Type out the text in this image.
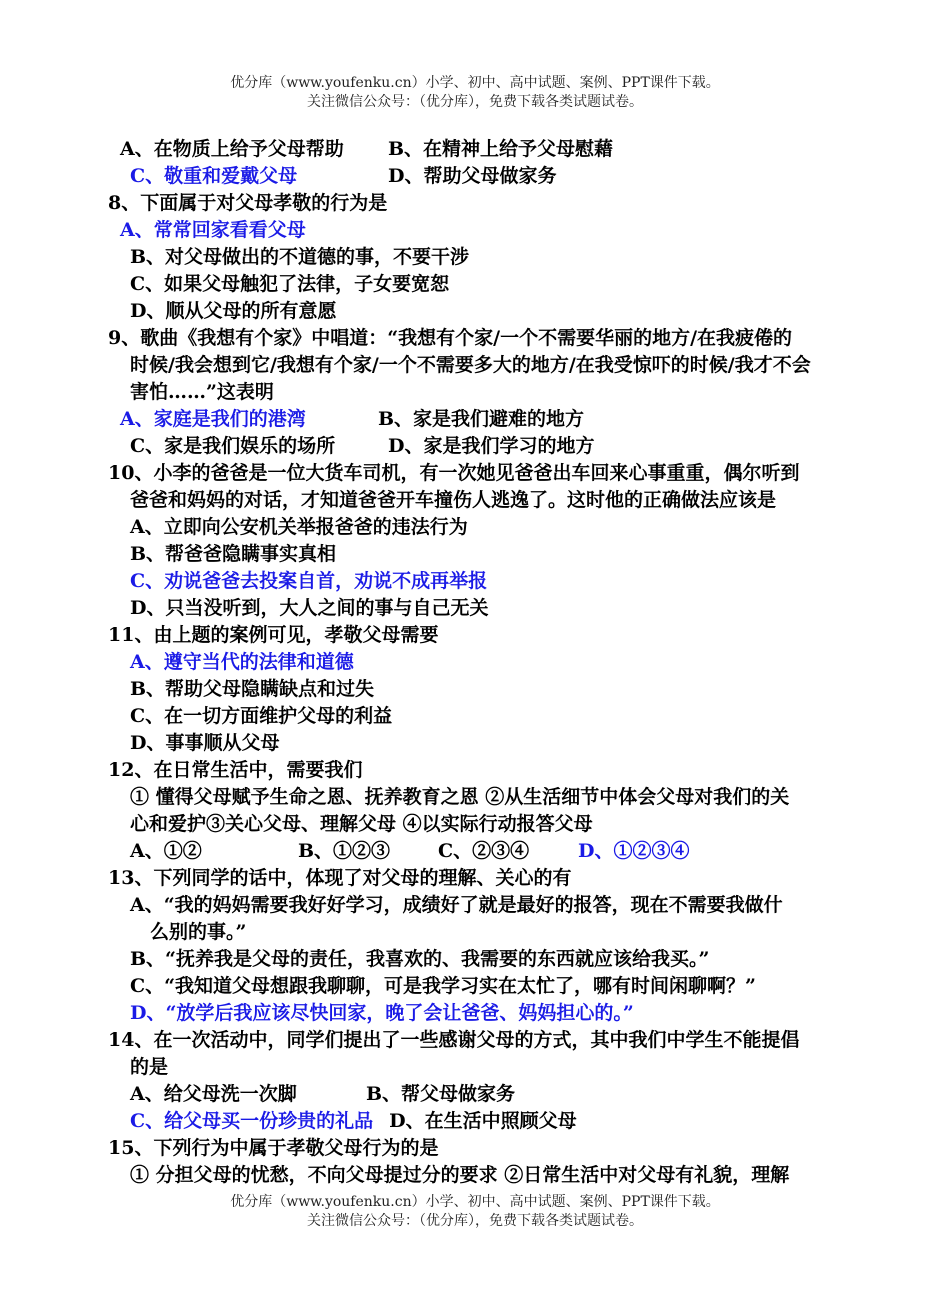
优分库（www.youfenku.cn）小学、初中、高中试题、案例、PPT课件下载。
关注微信公众号：（优分库），免费下载各类试题试卷。
A、在物质上给予父母帮助 B、在精神上给予父母慰藉
C、敬重和爱戴父母	D、帮助父母做家务
8、下面属于对父母孝敬的行为是
A、常常回家看看父母
B、对父母做出的不道德的事，不要干涉
C、如果父母触犯了法律，子女要宽恕
D、顺从父母的所有意愿
9、歌曲《我想有个家》中唱道：“我想有个家/一个不需要华丽的地方/在我疲倦的
时候/我会想到它/我想有个家/一个不需要多大的地方/在我受惊吓的时候/我才不会
害怕……”这表明
A、家庭是我们的港湾	B、家是我们避难的地方
C、家是我们娱乐的场所	D、家是我们学习的地方
10、小李的爸爸是一位大货车司机，有一次她见爸爸出车回来心事重重，偶尔听到
爸爸和妈妈的对话，才知道爸爸开车撞伤人逃逸了。这时他的正确做法应该是
A、立即向公安机关举报爸爸的违法行为
B、帮爸爸隐瞒事实真相
C、劝说爸爸去投案自首，劝说不成再举报
D、只当没听到，大人之间的事与自己无关
11、由上题的案例可见，孝敬父母需要
A、遵守当代的法律和道德
B、帮助父母隐瞒缺点和过失
C、在一切方面维护父母的利益
D、事事顺从父母
12、在日常生活中，需要我们
① 懂得父母赋予生命之恩、抚养教育之恩 ②从生活细节中体会父母对我们的关
心和爱护③关心父母、理解父母 ④以实际行动报答父母
A、①②	B、①②③	C、②③④	D、①②③④
13、下列同学的话中，体现了对父母的理解、关心的有
A、“我的妈妈需要我好好学习，成绩好了就是最好的报答，现在不需要我做什
么别的事。”
B、“抚养我是父母的责任，我喜欢的、我需要的东西就应该给我买。”
C、“我知道父母想跟我聊聊，可是我学习实在太忙了，哪有时间闲聊啊？”
D、“放学后我应该尽快回家，晚了会让爸爸、妈妈担心的。”
14、在一次活动中，同学们提出了一些感谢父母的方式，其中我们中学生不能提倡
的是
A、给父母洗一次脚	B、帮父母做家务
C、给父母买一份珍贵的礼品 D、在生活中照顾父母
15、下列行为中属于孝敬父母行为的是
① 分担父母的忧愁，不向父母提过分的要求 ②日常生活中对父母有礼貌，理解
优分库（www.youfenku.cn）小学、初中、高中试题、案例、PPT课件下载。
关注微信公众号：（优分库），免费下载各类试题试卷。
